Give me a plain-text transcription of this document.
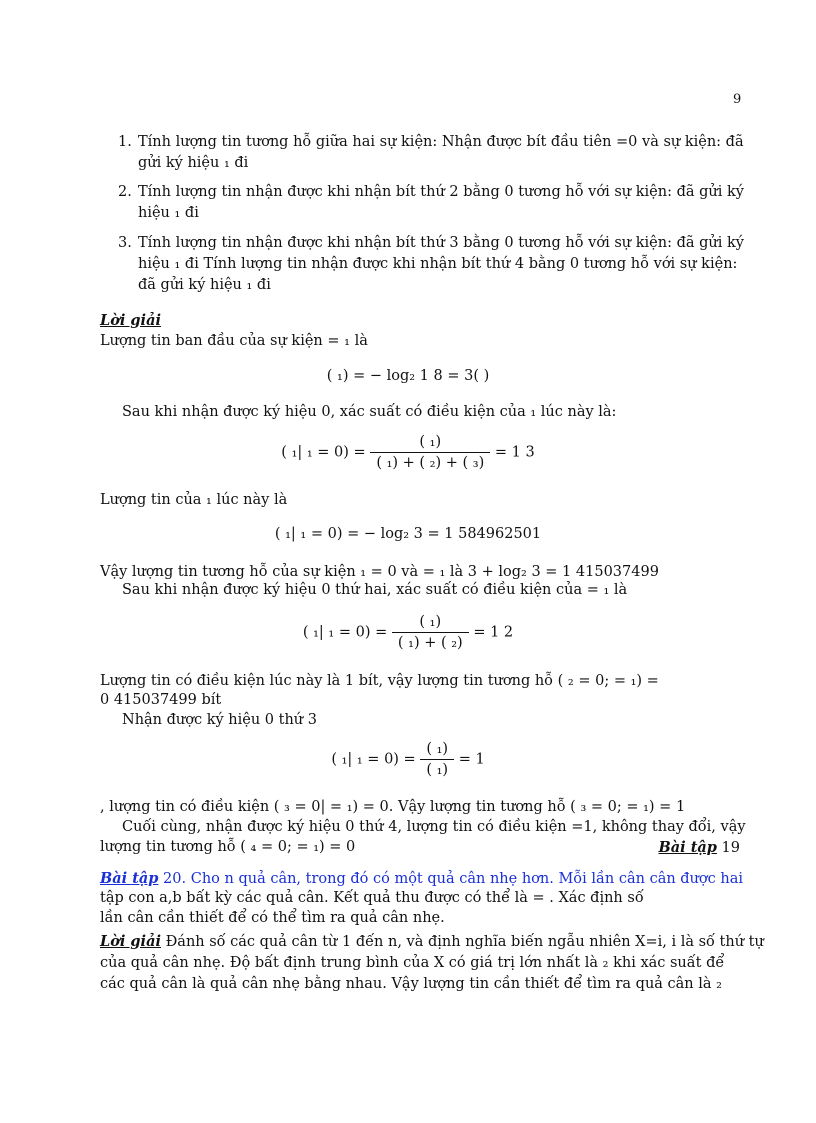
9
1. Tính lượng tin tương hỗ giữa hai sự kiện: Nhận được bít đầu tiên =0 và sự kiện: đã
gửi ký hiệu ₁ đi
2. Tính lượng tin nhận được khi nhận bít thứ 2 bằng 0 tương hỗ với sự kiện: đã gửi ký
hiệu ₁ đi
3. Tính lượng tin nhận được khi nhận bít thứ 3 bằng 0 tương hỗ với sự kiện: đã gửi ký
hiệu ₁ đi Tính lượng tin nhận được khi nhận bít thứ 4 bằng 0 tương hỗ với sự kiện:
đã gửi ký hiệu ₁ đi
Lời giải
Lượng tin ban đầu của sự kiện = ₁ là
( ₁) = − log₂ 1 8 = 3( )
Sau khi nhận được ký hiệu 0, xác suất có điều kiện của ₁ lúc này là:
( ₁| $_1 = 0) = \frac{\text{( ₁)}}{\text{( ₁) + ( ₂) + ( ₃)}} = 1$ 3
Lượng tin của ₁ lúc này là
( ₁| ₁ = 0) = − log₂ 3 = 1 584962501
Vậy lượng tin tương hỗ của sự kiện ₁ = 0 và = ₁ là 3 + log₂ 3 = 1 415037499
Sau khi nhận được ký hiệu 0 thứ hai, xác suất có điều kiện của = ₁ là
( ₁| $_1 = 0) = \frac{\text{( ₁)}}{\text{( ₁) + ( ₂)}} = 1$ 2
Lượng tin có điều kiện lúc này là 1 bít, vậy lượng tin tương hỗ ( ₂ = 0; = ₁) =
0 415037499 bít
Nhận được ký hiệu 0 thứ 3
( ₁| $_1 = 0) = \frac{\text{( ₁)}}{\text{( ₁)}} = 1$
, lượng tin có điều kiện ( ₃ = 0| = ₁) = 0. Vậy lượng tin tương hỗ ( ₃ = 0; = ₁) = 1
Cuối cùng, nhận được ký hiệu 0 thứ 4, lượng tin có điều kiện =1, không thay đổi, vậy
lượng tin tương hỗ ( ₄ = 0; = ₁) = 0	Bài tập 19
Bài tập 20. Cho n quả cân, trong đó có một quả cân nhẹ hơn. Mỗi lần cân cân được hai
tập con a,b bất kỳ các quả cân. Kết quả thu được có thể là = . Xác định số
lần cân cần thiết để có thể tìm ra quả cân nhẹ.
Lời giải Đánh số các quả cân từ 1 đến n, và định nghĩa biến ngẫu nhiên X=i, i là số thứ tự
của quả cân nhẹ. Độ bất định trung bình của X có giá trị lớn nhất là ₂ khi xác suất để
các quả cân là quả cân nhẹ bằng nhau. Vậy lượng tin cần thiết để tìm ra quả cân là ₂
